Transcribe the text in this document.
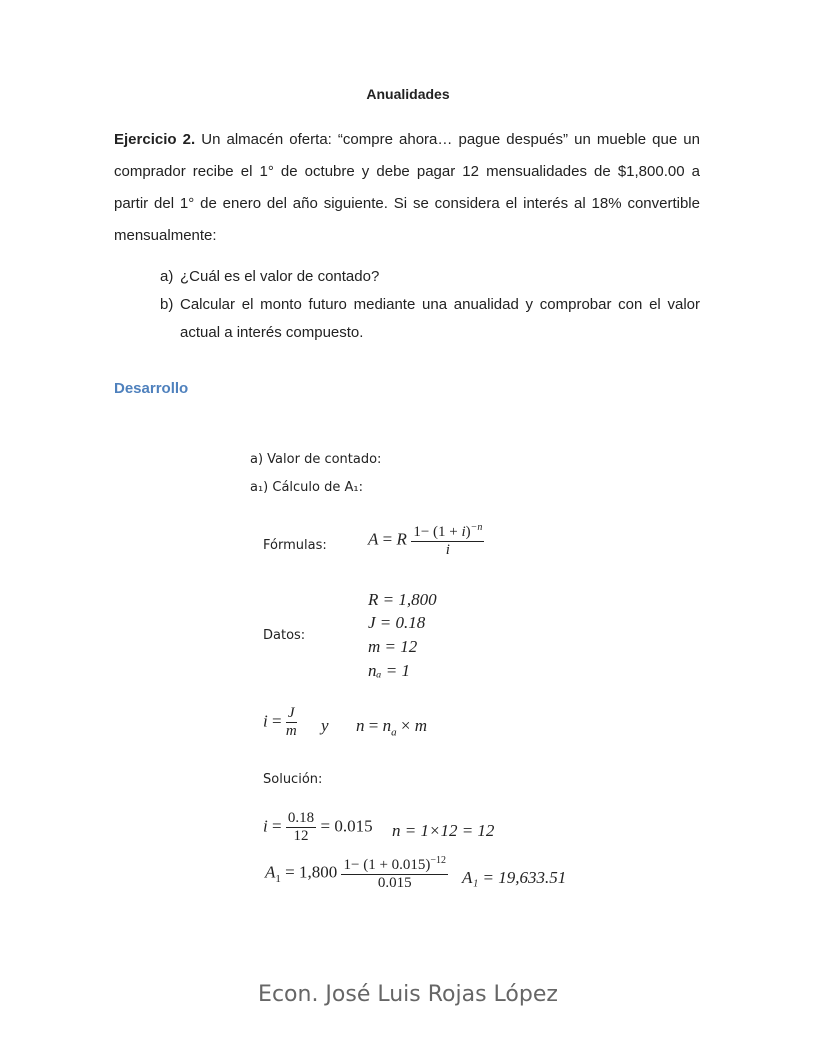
Anualidades
Ejercicio 2. Un almacén oferta: “compre ahora… pague después” un mueble que un comprador recibe el 1° de octubre y debe pagar 12 mensualidades de $1,800.00 a partir del 1° de enero del año siguiente. Si se considera el interés al 18% convertible mensualmente:
a) ¿Cuál es el valor de contado?
b) Calcular el monto futuro mediante una anualidad y comprobar con el valor actual a interés compuesto.
Desarrollo
a) Valor de contado:
a₁) Cálculo de A₁:
Fórmulas: A = R $\frac{1- (1 + i)^{-n}}{i}$
Datos:
R = 1,800
J = 0.18
m = 12
nₐ = 1
$i = \frac{J}{m}$ y $n = n_a \times m$
Solución:
$i = \frac{0.18}{12} = 0.015$ n = 1×12 = 12
$A_1 = 1,800 \frac{1- (1 + 0.015)^{-12}}{0.015} A_1 = 19,633.51$
Econ. José Luis Rojas López
